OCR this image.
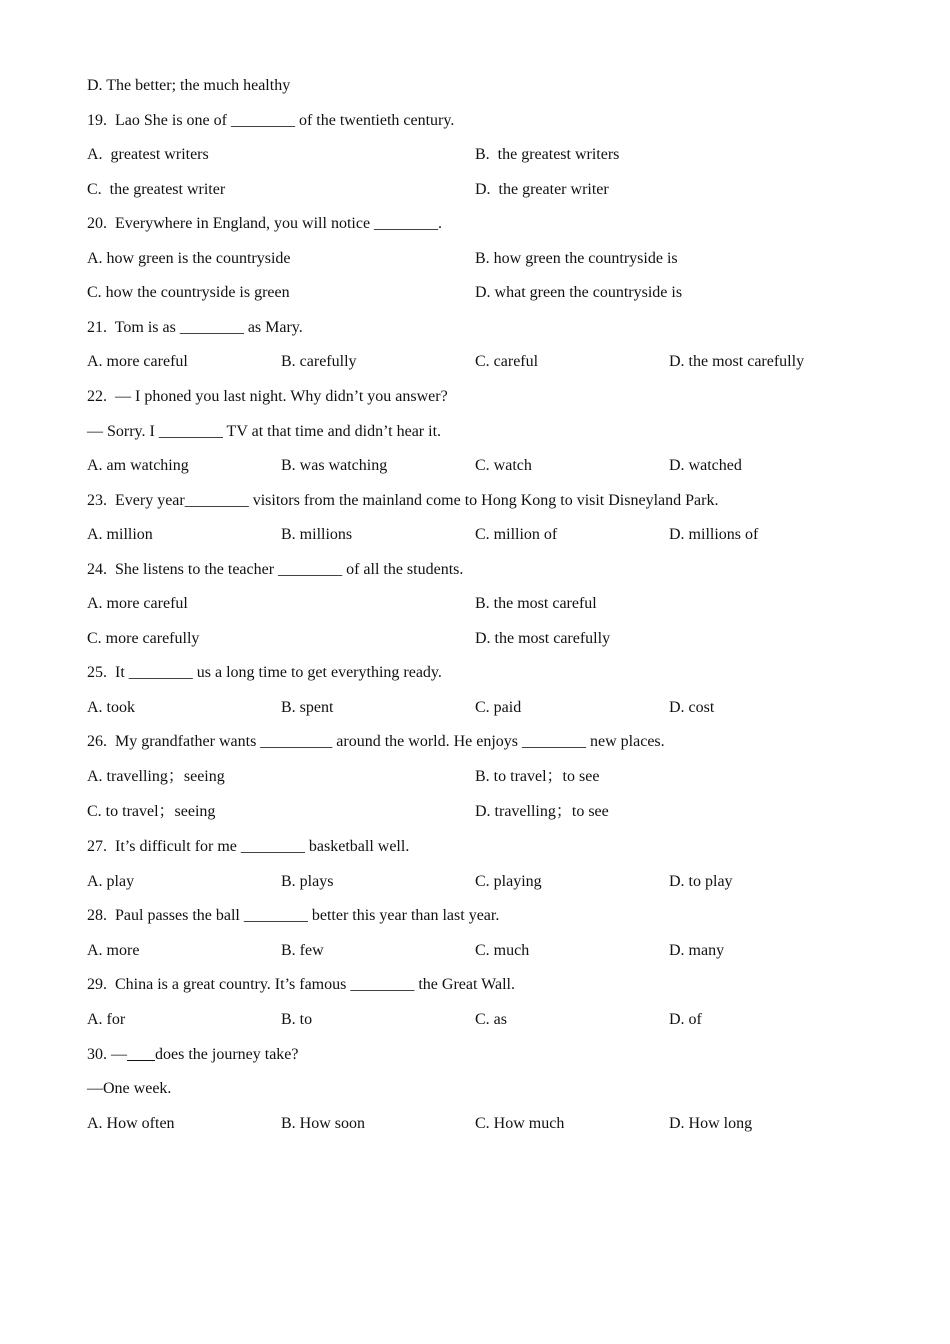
D. The better; the much healthy
19.  Lao She is one of ________ of the twentieth century.
A.  greatest writers	B.  the greatest writers
C.  the greatest writer	D.  the greater writer
20.  Everywhere in England, you will notice ________.
A. how green is the countryside	B. how green the countryside is
C. how the countryside is green	D. what green the countryside is
21.  Tom is as ________ as Mary.
A. more careful	B. carefully	C. careful	D. the most carefully
22.  — I phoned you last night. Why didn’t you answer?
— Sorry. I ________ TV at that time and didn’t hear it.
A. am watching	B. was watching	C. watch	D. watched
23.  Every year________ visitors from the mainland come to Hong Kong to visit Disneyland Park.
A. million	B. millions	C. million of	D. millions of
24.  She listens to the teacher ________ of all the students.
A. more careful	B. the most careful
C. more carefully	D. the most carefully
25.  It ________ us a long time to get everything ready.
A. took	B. spent	C. paid	D. cost
26.  My grandfather wants _________ around the world. He enjoys ________ new places.
A. travelling；seeing	B. to travel；to see
C. to travel；seeing	D. travelling；to see
27.  It’s difficult for me ________ basketball well.
A. play	B. plays	C. playing	D. to play
28.  Paul passes the ball ________ better this year than last year.
A. more	B. few	C. much	D. many
29.  China is a great country. It’s famous ________ the Great Wall.
A. for	B. to	C. as	D. of
30. — does the journey take?
—One week.
A. How often	B. How soon	C. How much	D. How long
